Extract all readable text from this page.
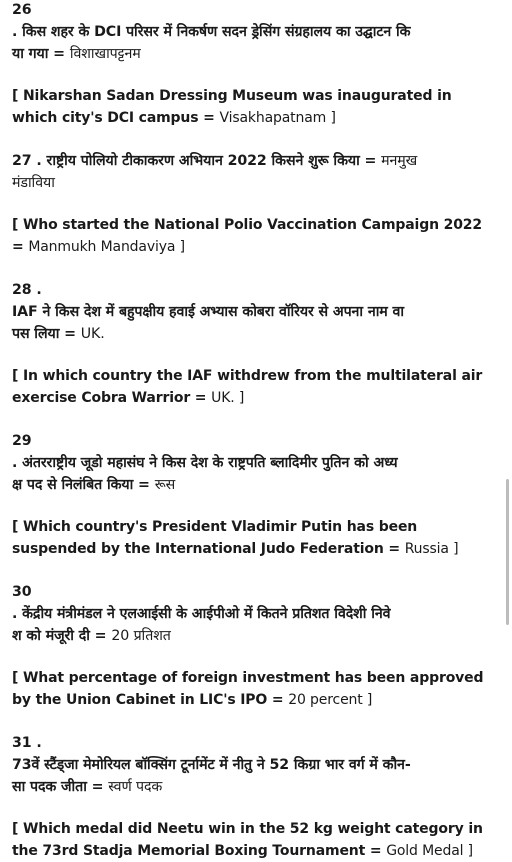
26
. किस शहर के DCI परिसर में निकर्षण सदन ड्रेसिंग संग्रहालय का उद्घाटन कि
या गया = विशाखापट्टनम
[ Nikarshan Sadan Dressing Museum was inaugurated in
which city's DCI campus = Visakhapatnam ]
27 . राष्ट्रीय पोलियो टीकाकरण अभियान 2022 किसने शुरू किया = मनमुख
मंडाविया
[ Who started the National Polio Vaccination Campaign 2022
= Manmukh Mandaviya ]
28 .
IAF ने किस देश में बहुपक्षीय हवाई अभ्यास कोबरा वॉरियर से अपना नाम वा
पस लिया = UK.
[ In which country the IAF withdrew from the multilateral air
exercise Cobra Warrior = UK. ]
29
. अंतरराष्ट्रीय जूडो महासंघ ने किस देश के राष्ट्रपति ब्लादिमीर पुतिन को अध्य
क्ष पद से निलंबित किया = रूस
[ Which country's President Vladimir Putin has been
suspended by the International Judo Federation = Russia ]
30
. केंद्रीय मंत्रीमंडल ने एलआईसी के आईपीओ में कितने प्रतिशत विदेशी निवे
श को मंजूरी दी = 20 प्रतिशत
[ What percentage of foreign investment has been approved
by the Union Cabinet in LIC's IPO = 20 percent ]
31 .
73वें स्टैंड्जा मेमोरियल बॉक्सिंग टूर्नामेंट में नीतु ने 52 किग्रा भार वर्ग में कौन-
सा पदक जीता = स्वर्ण पदक
[ Which medal did Neetu win in the 52 kg weight category in
the 73rd Stadja Memorial Boxing Tournament = Gold Medal ]
